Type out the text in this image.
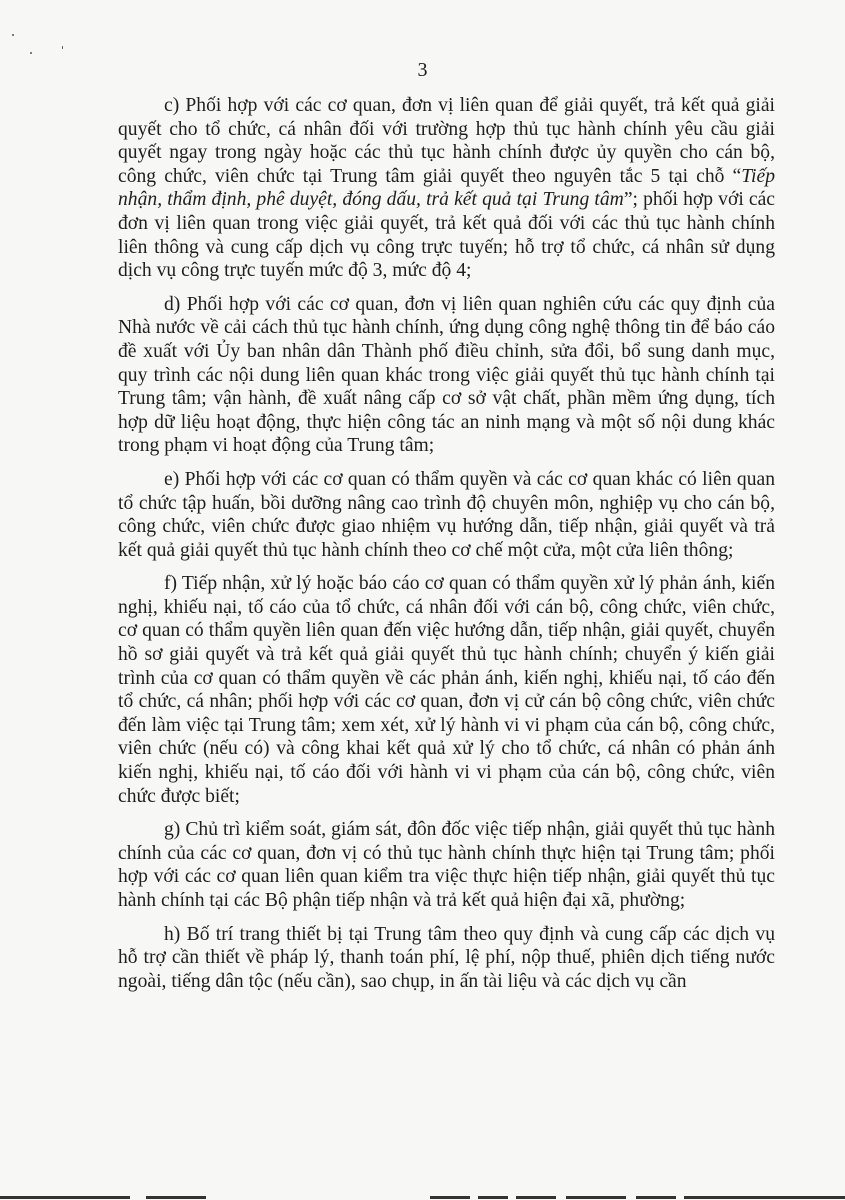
3

c) Phối hợp với các cơ quan, đơn vị liên quan để giải quyết, trả kết quả giải quyết cho tổ chức, cá nhân đối với trường hợp thủ tục hành chính yêu cầu giải quyết ngay trong ngày hoặc các thủ tục hành chính được ủy quyền cho cán bộ, công chức, viên chức tại Trung tâm giải quyết theo nguyên tắc 5 tại chỗ “Tiếp nhận, thẩm định, phê duyệt, đóng dấu, trả kết quả tại Trung tâm”; phối hợp với các đơn vị liên quan trong việc giải quyết, trả kết quả đối với các thủ tục hành chính liên thông và cung cấp dịch vụ công trực tuyến; hỗ trợ tổ chức, cá nhân sử dụng dịch vụ công trực tuyến mức độ 3, mức độ 4;

d) Phối hợp với các cơ quan, đơn vị liên quan nghiên cứu các quy định của Nhà nước về cải cách thủ tục hành chính, ứng dụng công nghệ thông tin để báo cáo đề xuất với Ủy ban nhân dân Thành phố điều chỉnh, sửa đổi, bổ sung danh mục, quy trình các nội dung liên quan khác trong việc giải quyết thủ tục hành chính tại Trung tâm; vận hành, đề xuất nâng cấp cơ sở vật chất, phần mềm ứng dụng, tích hợp dữ liệu hoạt động, thực hiện công tác an ninh mạng và một số nội dung khác trong phạm vi hoạt động của Trung tâm;

e) Phối hợp với các cơ quan có thẩm quyền và các cơ quan khác có liên quan tổ chức tập huấn, bồi dưỡng nâng cao trình độ chuyên môn, nghiệp vụ cho cán bộ, công chức, viên chức được giao nhiệm vụ hướng dẫn, tiếp nhận, giải quyết và trả kết quả giải quyết thủ tục hành chính theo cơ chế một cửa, một cửa liên thông;

f) Tiếp nhận, xử lý hoặc báo cáo cơ quan có thẩm quyền xử lý phản ánh, kiến nghị, khiếu nại, tố cáo của tổ chức, cá nhân đối với cán bộ, công chức, viên chức, cơ quan có thẩm quyền liên quan đến việc hướng dẫn, tiếp nhận, giải quyết, chuyển hồ sơ giải quyết và trả kết quả giải quyết thủ tục hành chính; chuyển ý kiến giải trình của cơ quan có thẩm quyền về các phản ánh, kiến nghị, khiếu nại, tố cáo đến tổ chức, cá nhân; phối hợp với các cơ quan, đơn vị cử cán bộ công chức, viên chức đến làm việc tại Trung tâm; xem xét, xử lý hành vi vi phạm của cán bộ, công chức, viên chức (nếu có) và công khai kết quả xử lý cho tổ chức, cá nhân có phản ánh kiến nghị, khiếu nại, tố cáo đối với hành vi vi phạm của cán bộ, công chức, viên chức được biết;

g) Chủ trì kiểm soát, giám sát, đôn đốc việc tiếp nhận, giải quyết thủ tục hành chính của các cơ quan, đơn vị có thủ tục hành chính thực hiện tại Trung tâm; phối hợp với các cơ quan liên quan kiểm tra việc thực hiện tiếp nhận, giải quyết thủ tục hành chính tại các Bộ phận tiếp nhận và trả kết quả hiện đại xã, phường;

h) Bố trí trang thiết bị tại Trung tâm theo quy định và cung cấp các dịch vụ hỗ trợ cần thiết về pháp lý, thanh toán phí, lệ phí, nộp thuế, phiên dịch tiếng nước ngoài, tiếng dân tộc (nếu cần), sao chụp, in ấn tài liệu và các dịch vụ cần
